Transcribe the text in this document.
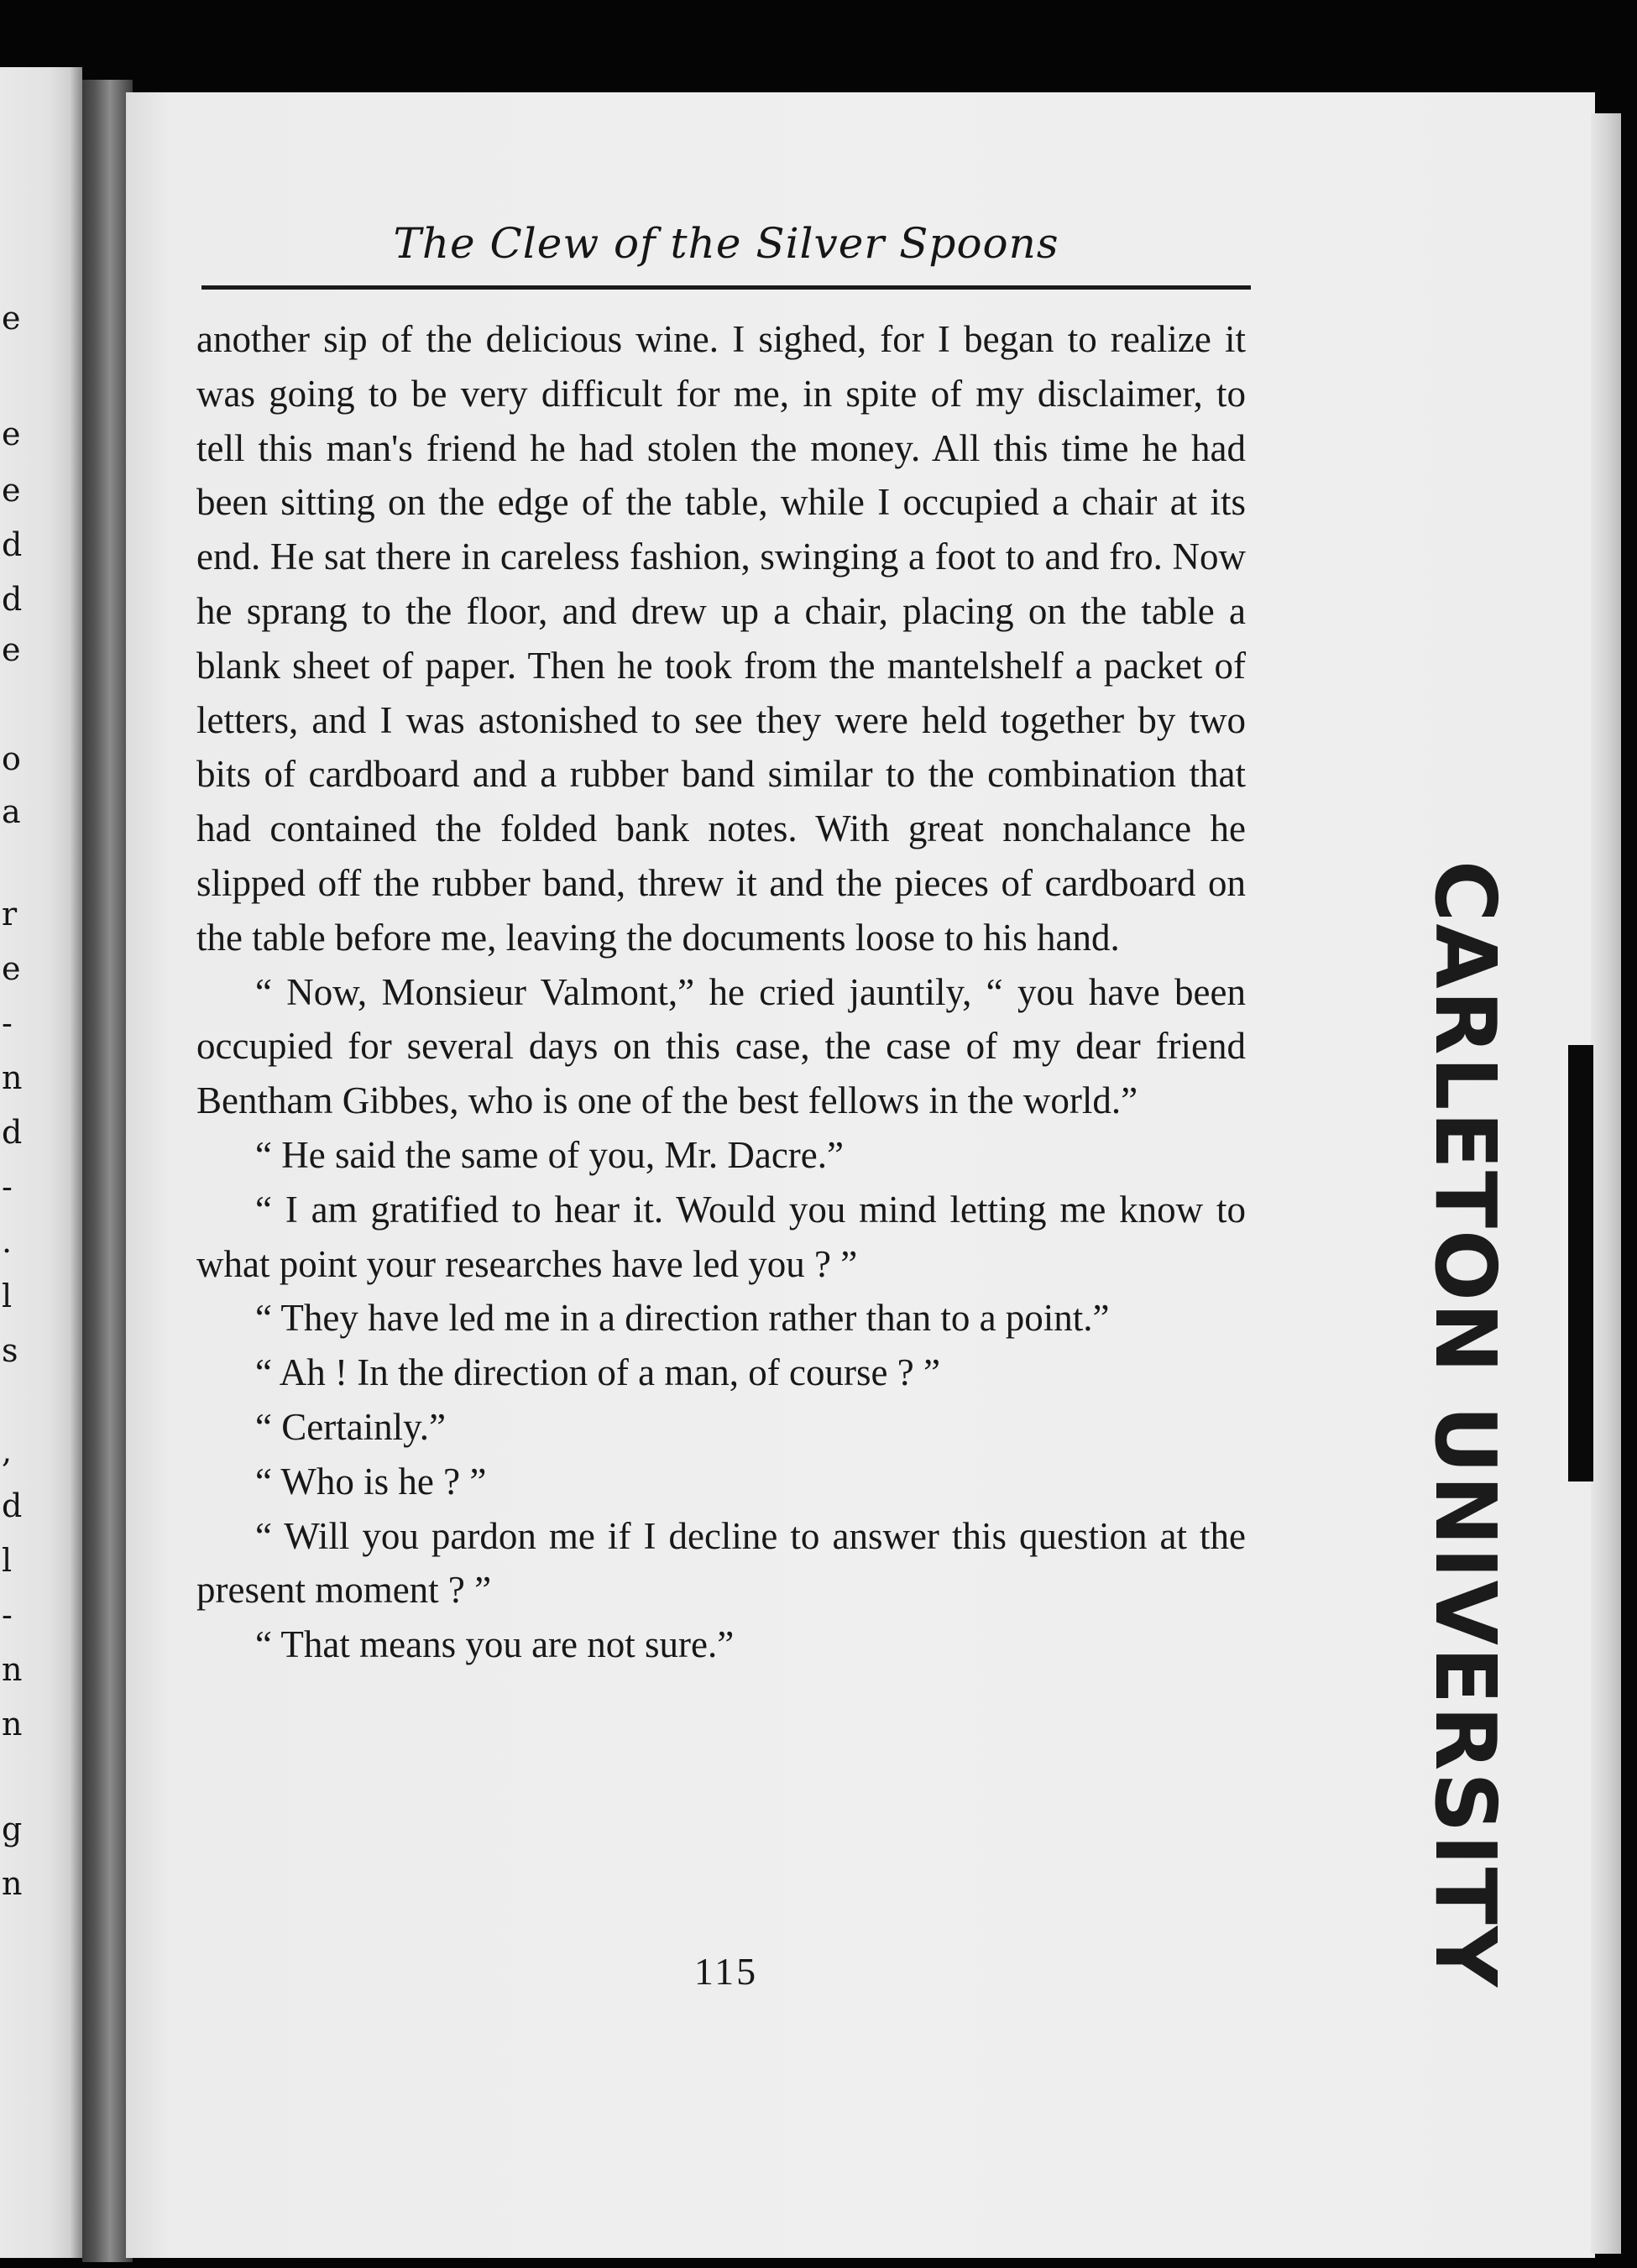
e
e
e
d
d
e
o
a
r
e
-
n
d
-
.
l
s
,
d
l
-
n
n
g
n
The Clew of the Silver Spoons

another sip of the delicious wine. I sighed, for I began to realize it was going to be very difficult for me, in spite of my disclaimer, to tell this man's friend he had stolen the money. All this time he had been sitting on the edge of the table, while I occupied a chair at its end. He sat there in careless fashion, swinging a foot to and fro. Now he sprang to the floor, and drew up a chair, placing on the table a blank sheet of paper. Then he took from the mantelshelf a packet of letters, and I was astonished to see they were held together by two bits of cardboard and a rubber band similar to the combination that had contained the folded bank notes. With great nonchalance he slipped off the rubber band, threw it and the pieces of cardboard on the table before me, leaving the documents loose to his hand.

“ Now, Monsieur Valmont,” he cried jauntily, “ you have been occupied for several days on this case, the case of my dear friend Bentham Gibbes, who is one of the best fellows in the world.”

“ He said the same of you, Mr. Dacre.”

“ I am gratified to hear it. Would you mind letting me know to what point your researches have led you ? ”

“ They have led me in a direction rather than to a point.”

“ Ah ! In the direction of a man, of course ? ”

“ Certainly.”

“ Who is he ? ”

“ Will you pardon me if I decline to answer this question at the present moment ? ”

“ That means you are not sure.”

115	CARLETON UNIVERSITY
